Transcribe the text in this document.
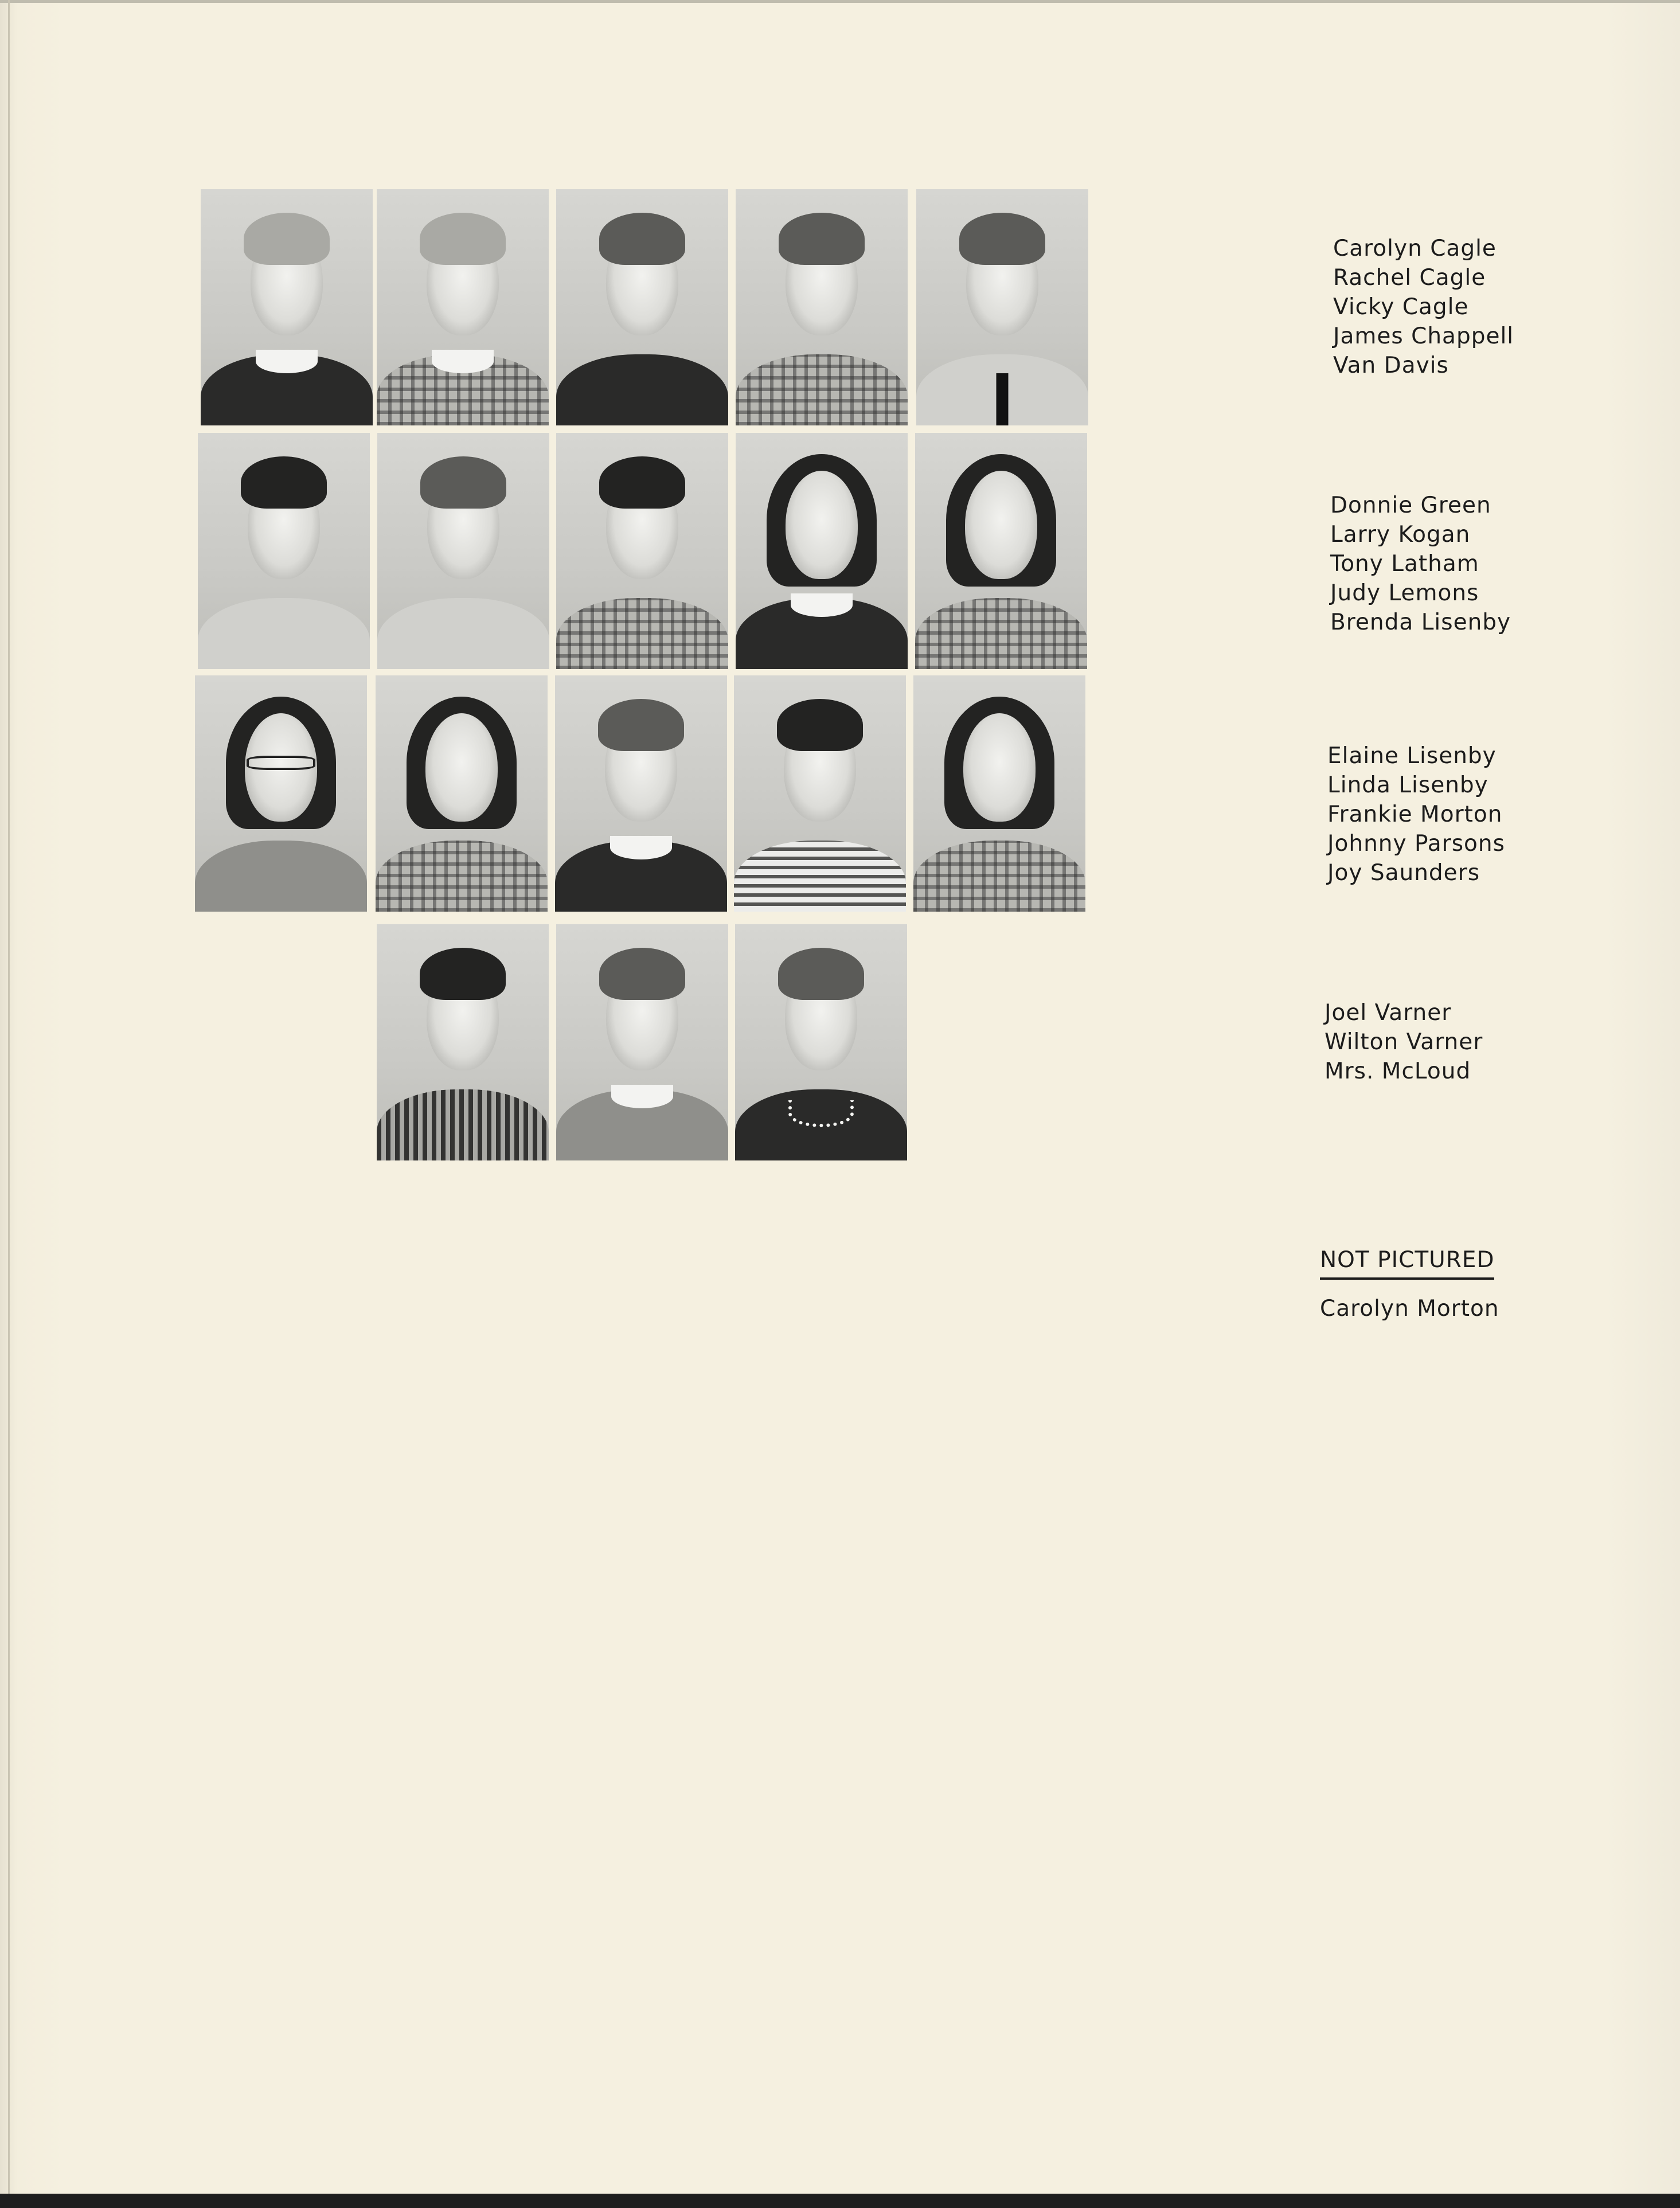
Carolyn Cagle
Rachel Cagle
Vicky Cagle
James Chappell
Van Davis
Donnie Green
Larry Kogan
Tony Latham
Judy Lemons
Brenda Lisenby
Elaine Lisenby
Linda Lisenby
Frankie Morton
Johnny Parsons
Joy Saunders
Joel Varner
Wilton Varner
Mrs. McLoud
NOT PICTURED
Carolyn Morton
